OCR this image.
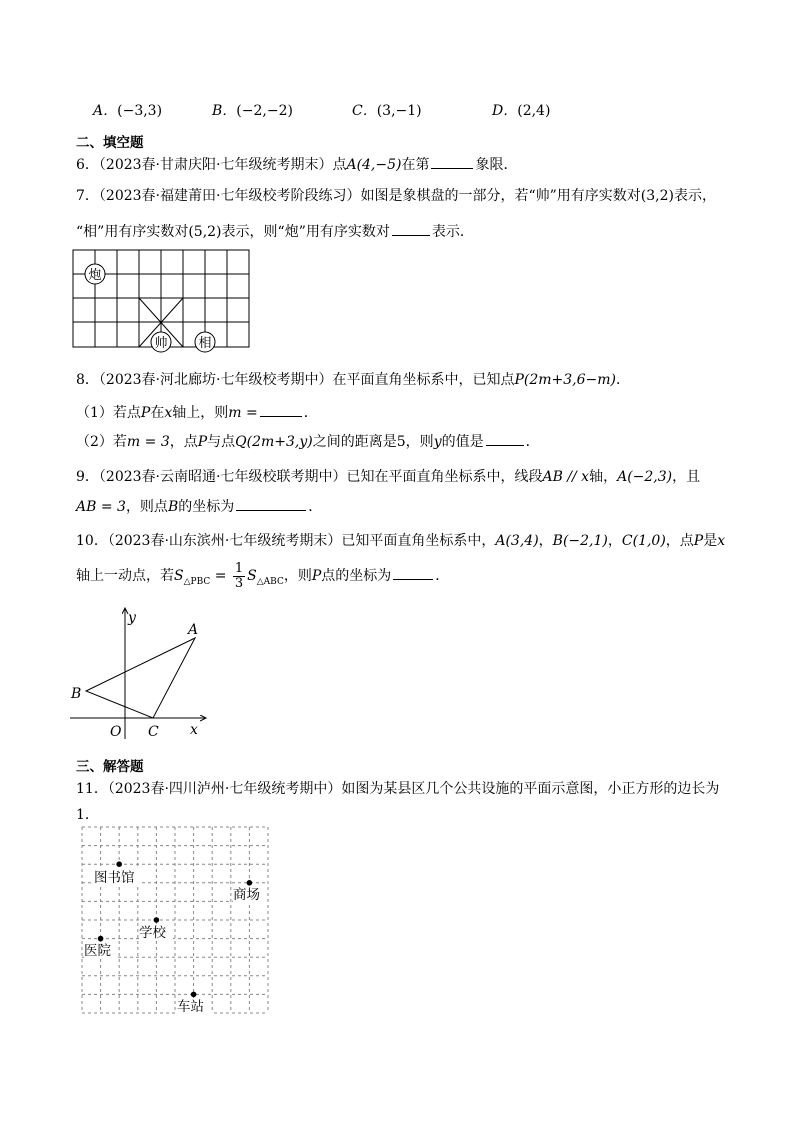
A．(−3,3)	B．(−2,−2)	C．(3,−1)	D．(2,4)
二、填空题
6．（2023春·甘肃庆阳·七年级统考期末）点A(4,−5)在第	象限．
7．（2023春·福建莆田·七年级校考阶段练习）如图是象棋盘的一部分，若“帅”用有序实数对(3,2)表示，
“相”用有序实数对(5,2)表示，则“炮”用有序实数对	表示．
炮
帅 相
8．（2023春·河北廊坊·七年级校考期中）在平面直角坐标系中，已知点P(2m+3,6−m)．
（1）若点P在x轴上，则m =	．
（2）若m = 3，点P与点Q(2m+3,y)之间的距离是5，则y的值是	．
9．（2023春·云南昭通·七年级校联考期中）已知在平面直角坐标系中，线段AB // x轴，A(−2,3)，且
AB = 3，则点B的坐标为	．
10．（2023春·山东滨州·七年级统考期末）已知平面直角坐标系中，A(3,4)，B(−2,1)，C(1,0)，点P是x
轴上一动点，若$S_{\triangle PBC} = \frac{1}{3} S_{\triangle ABC}$，则P点的坐标为	．
y
x
O
A
B
C
三、解答题
11．（2023春·四川泸州·七年级统考期中）如图为某县区几个公共设施的平面示意图，小正方形的边长为
1．
图书馆
商场
学校
医院
车站
